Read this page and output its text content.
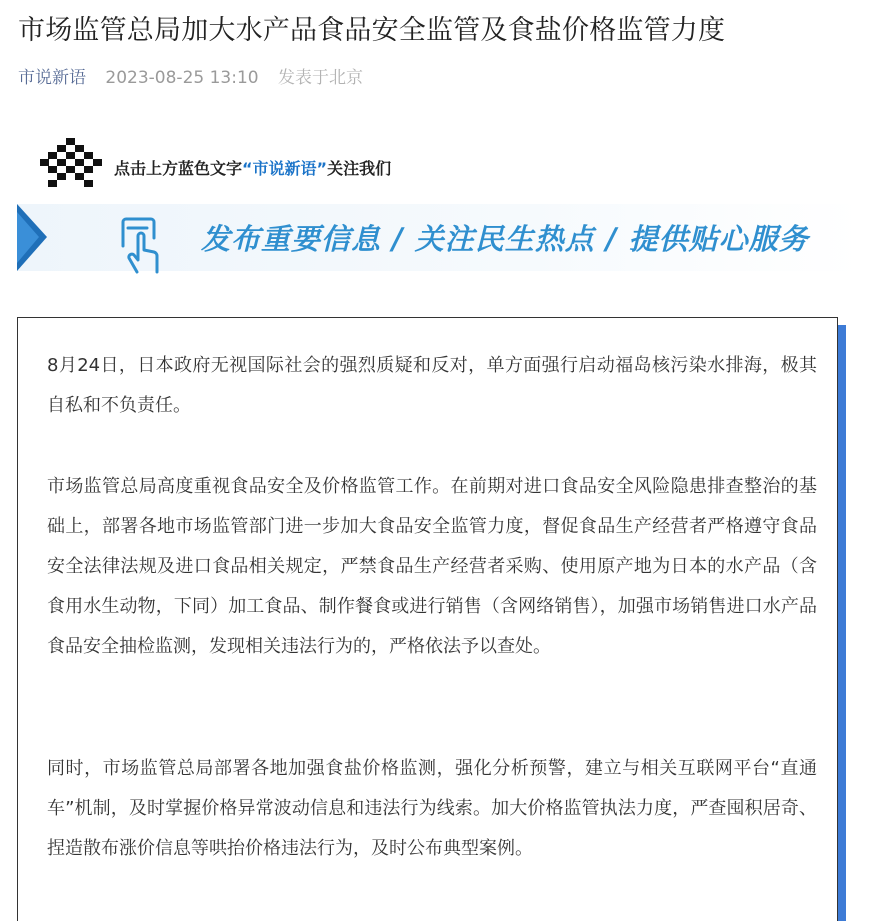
市场监管总局加大水产品食品安全监管及食盐价格监管力度
市说新语 2023-08-25 13:10 发表于北京
点击上方蓝色文字“市说新语”关注我们
发布重要信息 / 关注民生热点 / 提供贴心服务

8月24日，日本政府无视国际社会的强烈质疑和反对，单方面强行启动福岛核污染水排海，极其自私和不负责任。

市场监管总局高度重视食品安全及价格监管工作。在前期对进口食品安全风险隐患排查整治的基础上，部署各地市场监管部门进一步加大食品安全监管力度，督促食品生产经营者严格遵守食品安全法律法规及进口食品相关规定，严禁食品生产经营者采购、使用原产地为日本的水产品（含食用水生动物，下同）加工食品、制作餐食或进行销售（含网络销售），加强市场销售进口水产品食品安全抽检监测，发现相关违法行为的，严格依法予以查处。

同时，市场监管总局部署各地加强食盐价格监测，强化分析预警，建立与相关互联网平台“直通车”机制，及时掌握价格异常波动信息和违法行为线索。加大价格监管执法力度，严查囤积居奇、捏造散布涨价信息等哄抬价格违法行为，及时公布典型案例。
